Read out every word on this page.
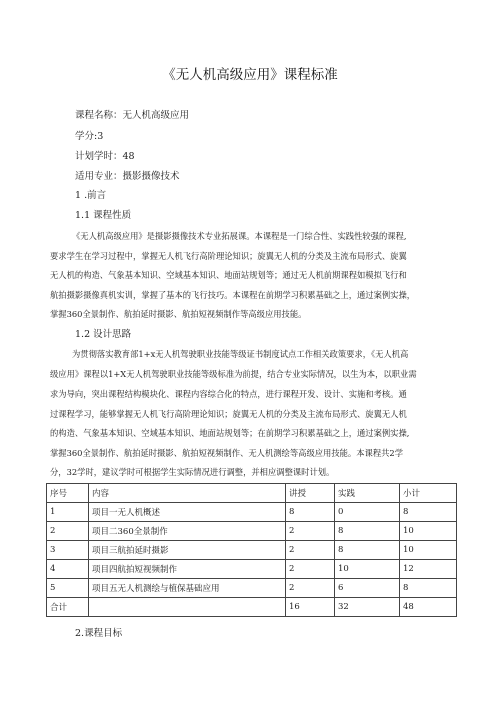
《无人机高级应用》课程标准
课程名称：无人机高级应用
学分:3
计划学时：48
适用专业：摄影摄像技术
1 .前言
1.1 课程性质
《无人机高级应用》是摄影摄像技术专业拓展课。本课程是一门综合性、实践性较强的课程,
要求学生在学习过程中，掌握无人机飞行高阶理论知识；旋翼无人机的分类及主流布局形式、旋翼
无人机的构造、气象基本知识、空域基本知识、地面站规划等；通过无人机前期课程如模拟飞行和
航拍摄影摄像真机实训，掌握了基本的飞行技巧。本课程在前期学习积累基础之上，通过案例实操，
掌握360全景制作、航拍延时摄影、航拍短视频制作等高级应用技能。
1.2 设计思路
为贯彻落实教育部1+x无人机驾驶职业技能等级证书制度试点工作相关政策要求，《无人机高
级应用》课程以1+X无人机驾驶职业技能等级标准为前提，结合专业实际情况，以生为本，以职业需
求为导向，突出课程结构模块化、课程内容综合化的特点，进行课程开发、设计、实施和考核。通
过课程学习，能够掌握无人机飞行高阶理论知识；旋翼无人机的分类及主流布局形式、旋翼无人机
的构造、气象基本知识、空域基本知识、地面站规划等；在前期学习积累基础之上，通过案例实操,
掌握360全景制作、航拍延时摄影、航拍短视频制作、无人机测绘等高级应用技能。本课程共2学
分，32学时，建议学时可根据学生实际情况进行调整，并相应调整课时计划。
序号	内容	讲授	实践	小计
1	项目一无人机概述	8	0	8
2	项目二360全景制作	2	8	10
3	项目三航拍延时摄影	2	8	10
4	项目四航拍短视频制作	2	10	12
5	项目五无人机测绘与植保基础应用	2	6	8
合计		16	32	48
2.课程目标
